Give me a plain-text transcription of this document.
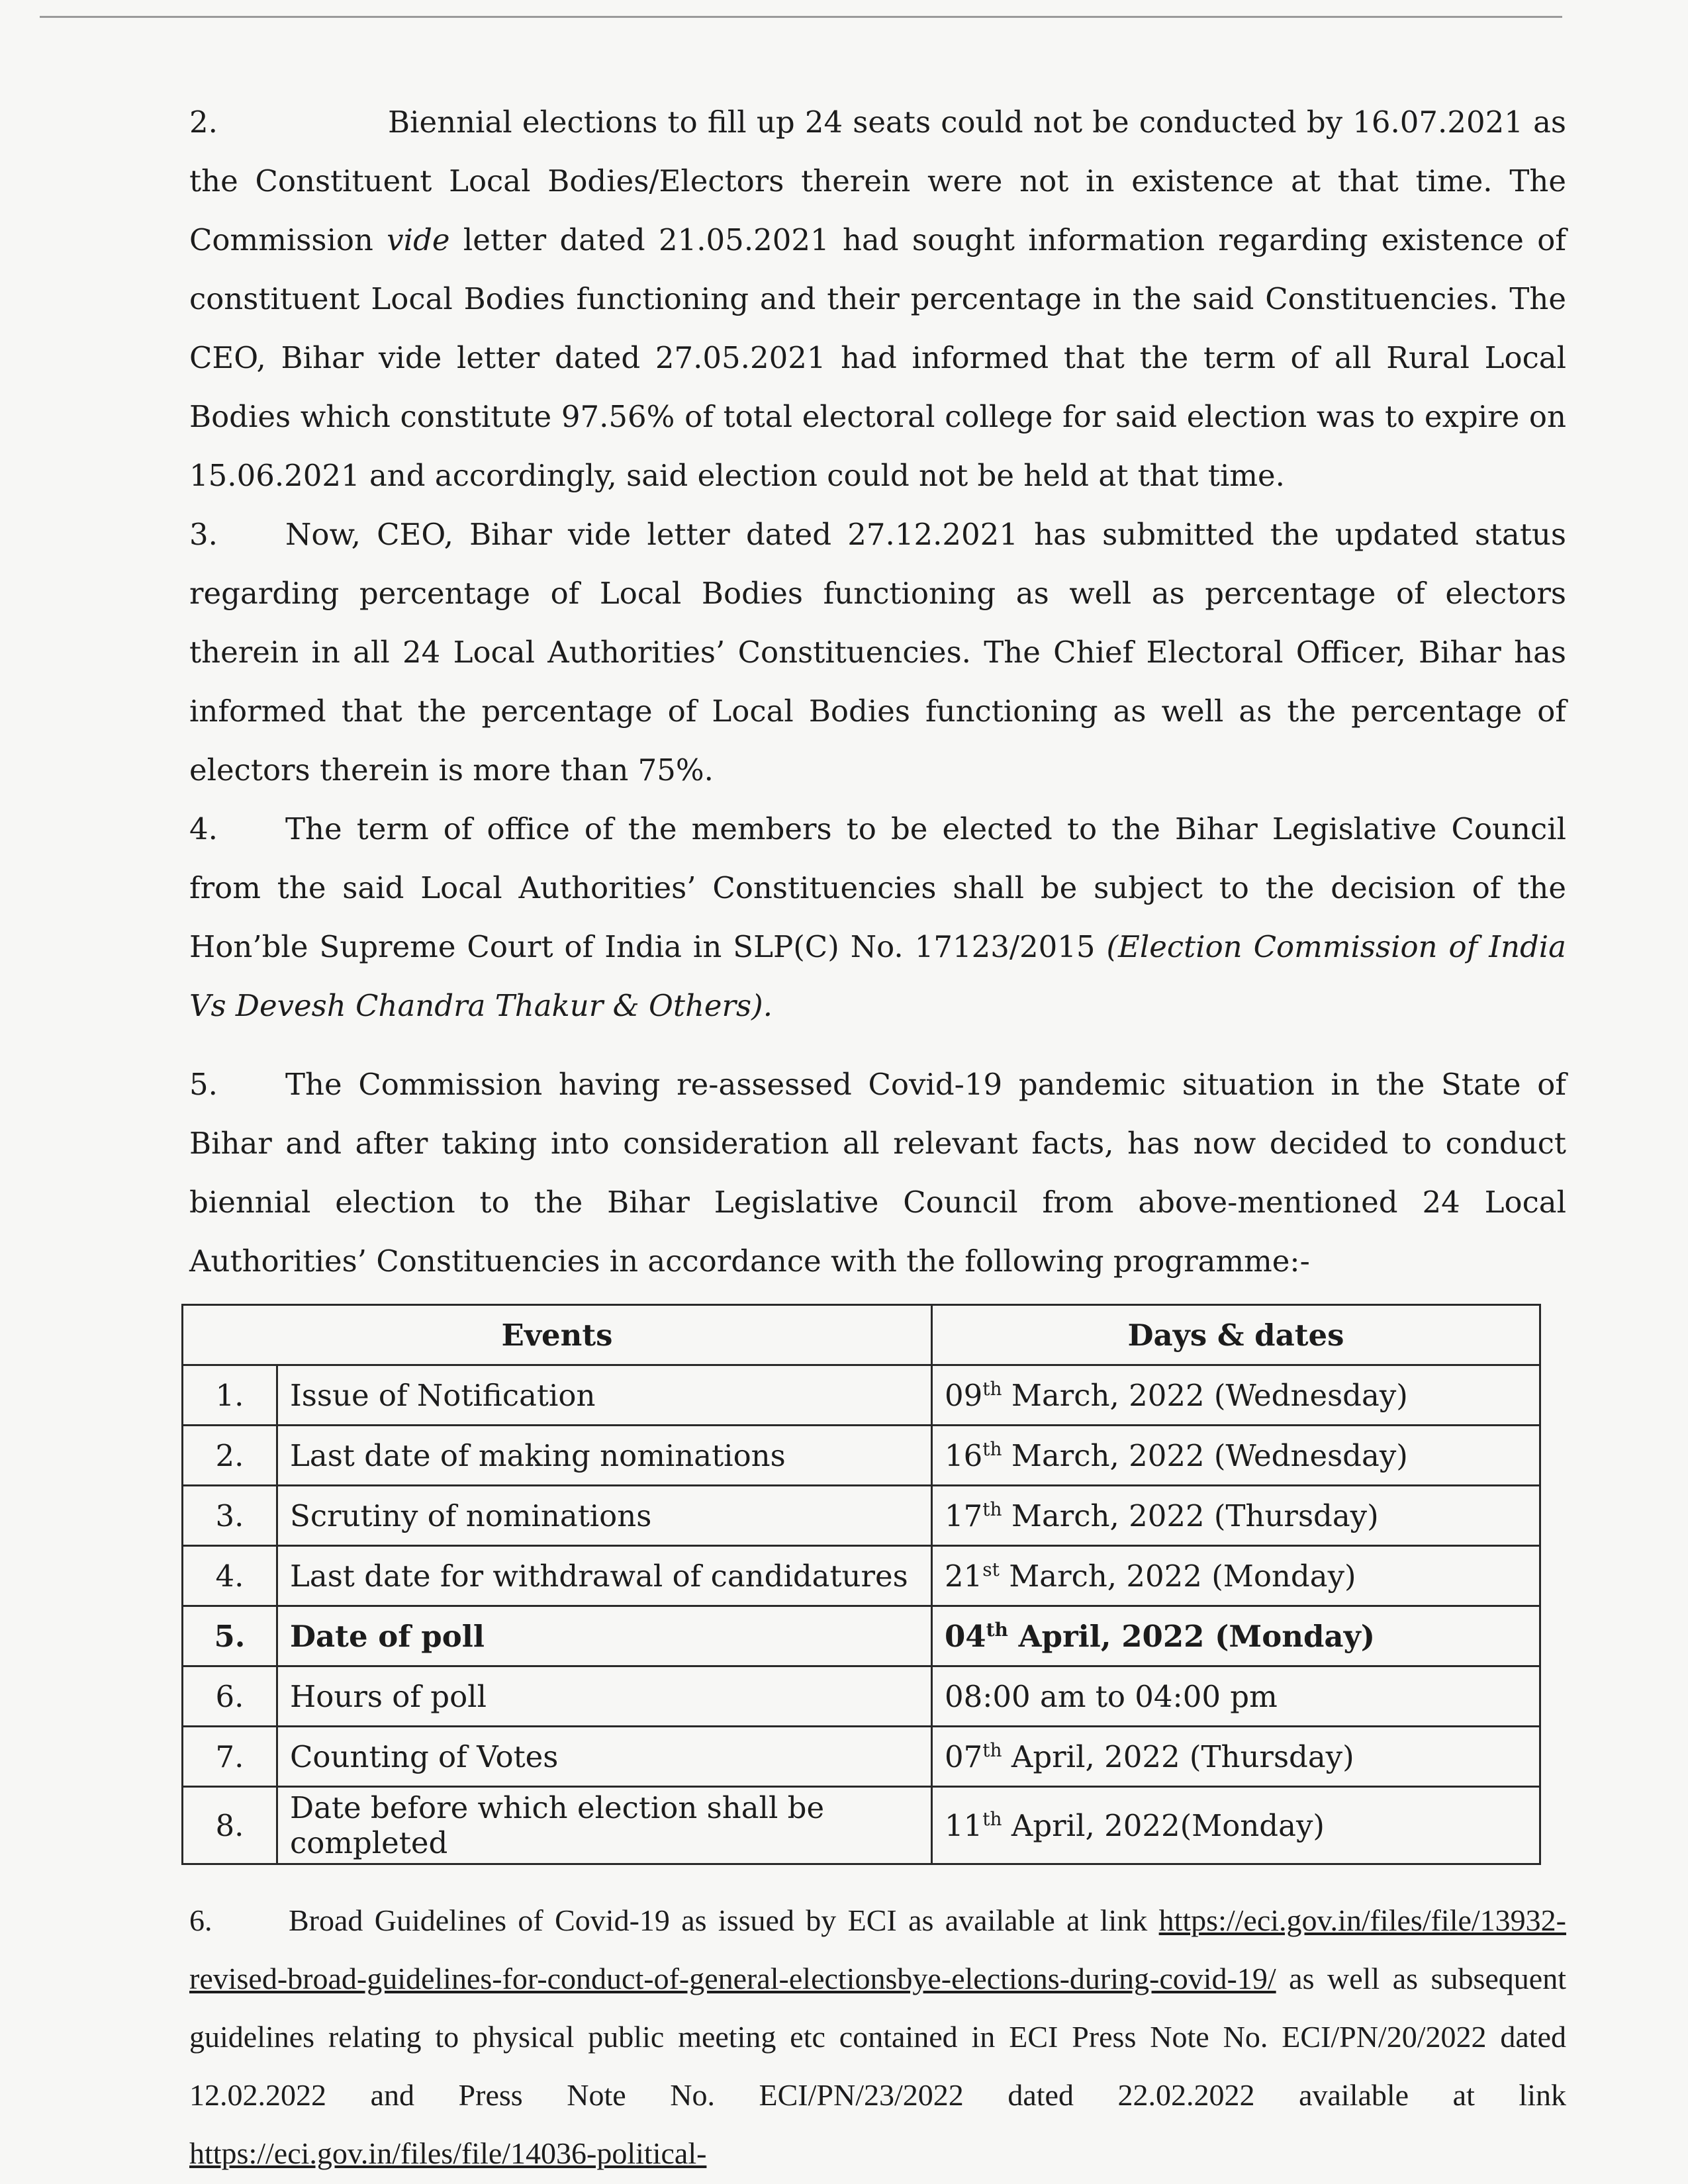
2.	Biennial elections to fill up 24 seats could not be conducted by 16.07.2021 as the Constituent Local Bodies/Electors therein were not in existence at that time. The Commission vide letter dated 21.05.2021 had sought information regarding existence of constituent Local Bodies functioning and their percentage in the said Constituencies. The CEO, Bihar vide letter dated 27.05.2021 had informed that the term of all Rural Local Bodies which constitute 97.56% of total electoral college for said election was to expire on 15.06.2021 and accordingly, said election could not be held at that time.

3. Now, CEO, Bihar vide letter dated 27.12.2021 has submitted the updated status regarding percentage of Local Bodies functioning as well as percentage of electors therein in all 24 Local Authorities’ Constituencies. The Chief Electoral Officer, Bihar has informed that the percentage of Local Bodies functioning as well as the percentage of electors therein is more than 75%.

4. The term of office of the members to be elected to the Bihar Legislative Council from the said Local Authorities’ Constituencies shall be subject to the decision of the Hon’ble Supreme Court of India in SLP(C) No. 17123/2015 (Election Commission of India Vs Devesh Chandra Thakur & Others).

5. The Commission having re-assessed Covid-19 pandemic situation in the State of Bihar and after taking into consideration all relevant facts, has now decided to conduct biennial election to the Bihar Legislative Council from above-mentioned 24 Local Authorities’ Constituencies in accordance with the following programme:-

Events		Days & dates
1.	Issue of Notification	09th March, 2022 (Wednesday)
2.	Last date of making nominations	16th March, 2022 (Wednesday)
3.	Scrutiny of nominations	17th March, 2022 (Thursday)
4.	Last date for withdrawal of candidatures	21st March, 2022 (Monday)
5.	Date of poll	04th April, 2022 (Monday)
6.	Hours of poll	08:00 am to 04:00 pm
7.	Counting of Votes	07th April, 2022 (Thursday)
8.	Date before which election shall be completed	11th April, 2022(Monday)

6.	Broad Guidelines of Covid-19 as issued by ECI as available at link https://eci.gov.in/files/file/13932-revised-broad-guidelines-for-conduct-of-general-electionsbye-elections-during-covid-19/ as well as subsequent guidelines relating to physical public meeting etc contained in ECI Press Note No. ECI/PN/20/2022 dated 12.02.2022 and Press Note No. ECI/PN/23/2022 dated 22.02.2022 available at link https://eci.gov.in/files/file/14036-political-
